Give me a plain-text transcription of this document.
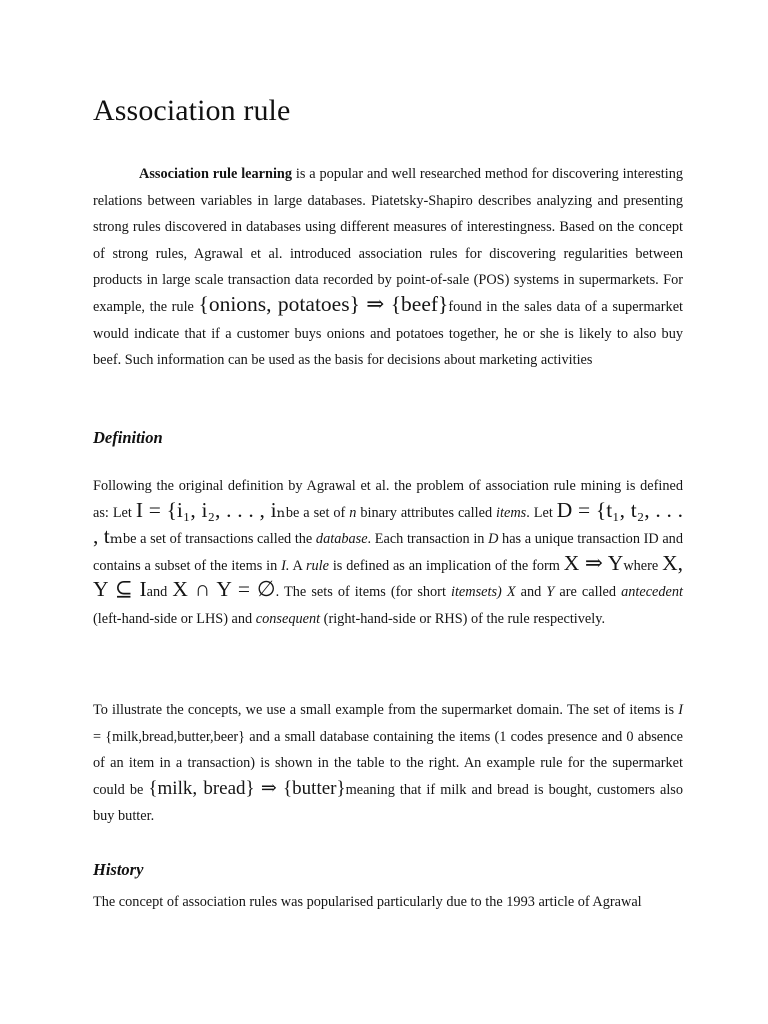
Association rule

Association rule learning is a popular and well researched method for discovering interesting relations between variables in large databases. Piatetsky-Shapiro describes analyzing and presenting strong rules discovered in databases using different measures of interestingness. Based on the concept of strong rules, Agrawal et al. introduced association rules for discovering regularities between products in large scale transaction data recorded by point-of-sale (POS) systems in supermarkets. For example, the rule {onions, potatoes} ⇒ {beef}found in the sales data of a supermarket would indicate that if a customer buys onions and potatoes together, he or she is likely to also buy beef. Such information can be used as the basis for decisions about marketing activities

Definition

Following the original definition by Agrawal et al. the problem of association rule mining is defined as: Let I = {i₁, i₂, . . . , iₙbe a set of n binary attributes called items. Let D = {t₁, t₂, . . . , tₘbe a set of transactions called the database. Each transaction in D has a unique transaction ID and contains a subset of the items in I. A rule is defined as an implication of the form X ⇒ Ywhere X, Y ⊆ Iand X ∩ Y = ∅. The sets of items (for short itemsets) X and Y are called antecedent (left-hand-side or LHS) and consequent (right-hand-side or RHS) of the rule respectively.

To illustrate the concepts, we use a small example from the supermarket domain. The set of items is I = {milk,bread,butter,beer} and a small database containing the items (1 codes presence and 0 absence of an item in a transaction) is shown in the table to the right. An example rule for the supermarket could be {milk, bread} ⇒ {butter}meaning that if milk and bread is bought, customers also buy butter.

History

The concept of association rules was popularised particularly due to the 1993 article of Agrawal
